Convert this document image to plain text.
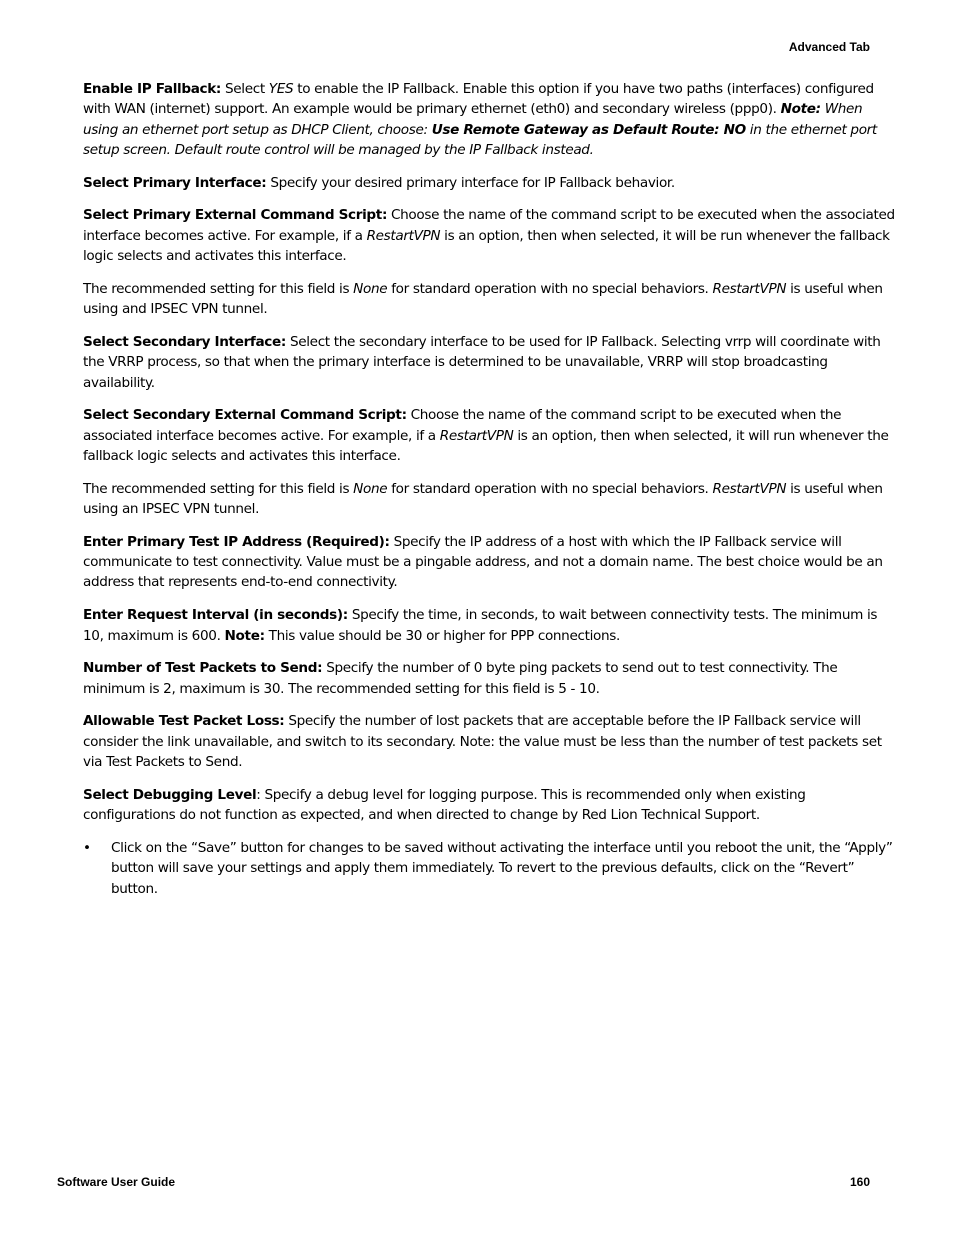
Advanced Tab

Enable IP Fallback: Select YES to enable the IP Fallback. Enable this option if you have two paths (interfaces) configured with WAN (internet) support. An example would be primary ethernet (eth0) and secondary wireless (ppp0). Note: When using an ethernet port setup as DHCP Client, choose: Use Remote Gateway as Default Route: NO in the ethernet port setup screen. Default route control will be managed by the IP Fallback instead.

Select Primary Interface: Specify your desired primary interface for IP Fallback behavior.

Select Primary External Command Script: Choose the name of the command script to be executed when the associated interface becomes active. For example, if a RestartVPN is an option, then when selected, it will be run whenever the fallback logic selects and activates this interface.

The recommended setting for this field is None for standard operation with no special behaviors. RestartVPN is useful when using and IPSEC VPN tunnel.

Select Secondary Interface: Select the secondary interface to be used for IP Fallback. Selecting vrrp will coordinate with the VRRP process, so that when the primary interface is determined to be unavailable, VRRP will stop broadcasting availability.

Select Secondary External Command Script: Choose the name of the command script to be executed when the associated interface becomes active. For example, if a RestartVPN is an option, then when selected, it will run whenever the fallback logic selects and activates this interface.

The recommended setting for this field is None for standard operation with no special behaviors. RestartVPN is useful when using an IPSEC VPN tunnel.

Enter Primary Test IP Address (Required): Specify the IP address of a host with which the IP Fallback service will communicate to test connectivity. Value must be a pingable address, and not a domain name. The best choice would be an address that represents end-to-end connectivity.

Enter Request Interval (in seconds): Specify the time, in seconds, to wait between connectivity tests. The minimum is 10, maximum is 600. Note: This value should be 30 or higher for PPP connections.

Number of Test Packets to Send: Specify the number of 0 byte ping packets to send out to test connectivity. The minimum is 2, maximum is 30. The recommended setting for this field is 5 - 10.

Allowable Test Packet Loss: Specify the number of lost packets that are acceptable before the IP Fallback service will consider the link unavailable, and switch to its secondary. Note: the value must be less than the number of test packets set via Test Packets to Send.

Select Debugging Level: Specify a debug level for logging purpose. This is recommended only when existing configurations do not function as expected, and when directed to change by Red Lion Technical Support.

•	Click on the “Save” button for changes to be saved without activating the interface until you reboot the unit, the “Apply” button will save your settings and apply them immediately. To revert to the previous defaults, click on the “Revert” button.
Software User Guide	160
